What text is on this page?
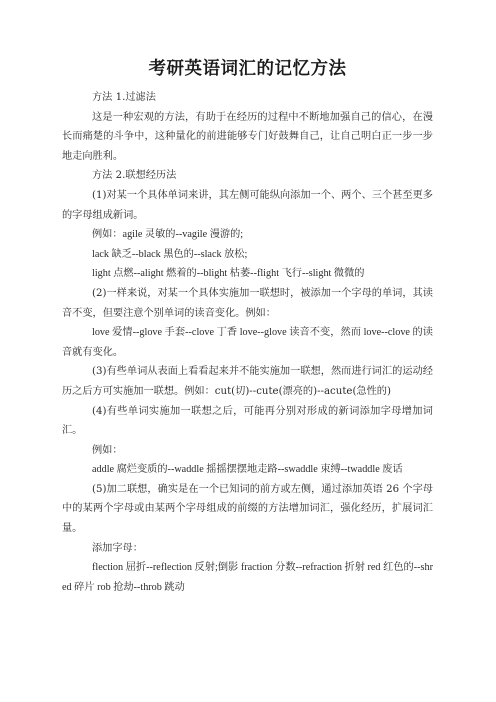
考研英语词汇的记忆方法

方法 1.过滤法

这是一种宏观的方法，有助于在经历的过程中不断地加强自己的信心，在漫长而痛楚的斗争中，这种量化的前进能够专门好鼓舞自己，让自己明白正一步一步地走向胜利。

方法 2.联想经历法

(1)对某一个具体单词来讲，其左侧可能纵向添加一个、两个、三个甚至更多的字母组成新词。

例如：agile 灵敏的--vagile 漫游的;

lack 缺乏--black 黑色的--slack 放松;

light 点燃--alight 燃着的--blight 枯萎--flight 飞行--slight 微微的

(2)一样来说，对某一个具体实施加一联想时，被添加一个字母的单词，其读音不变，但要注意个别单词的读音变化。例如：

love 爱情--glove 手套--clove 丁香 love--glove 读音不变，然而 love--clove 的读音就有变化。

(3)有些单词从表面上看看起来并不能实施加一联想，然而进行词汇的运动经历之后方可实施加一联想。例如：cut(切)--cute(漂亮的)--acute(急性的)

(4)有些单词实施加一联想之后，可能再分别对形成的新词添加字母增加词汇。

例如：

addle 腐烂变质的--waddle 摇摇摆摆地走路--swaddle 束缚--twaddle 废话

(5)加二联想，确实是在一个已知词的前方或左侧，通过添加英语 26 个字母中的某两个字母或由某两个字母组成的前缀的方法增加词汇，强化经历，扩展词汇量。

添加字母：

flection 屈折--reflection 反射;倒影 fraction 分数--refraction 折射 red 红色的--shred 碎片 rob 抢劫--throb 跳动
